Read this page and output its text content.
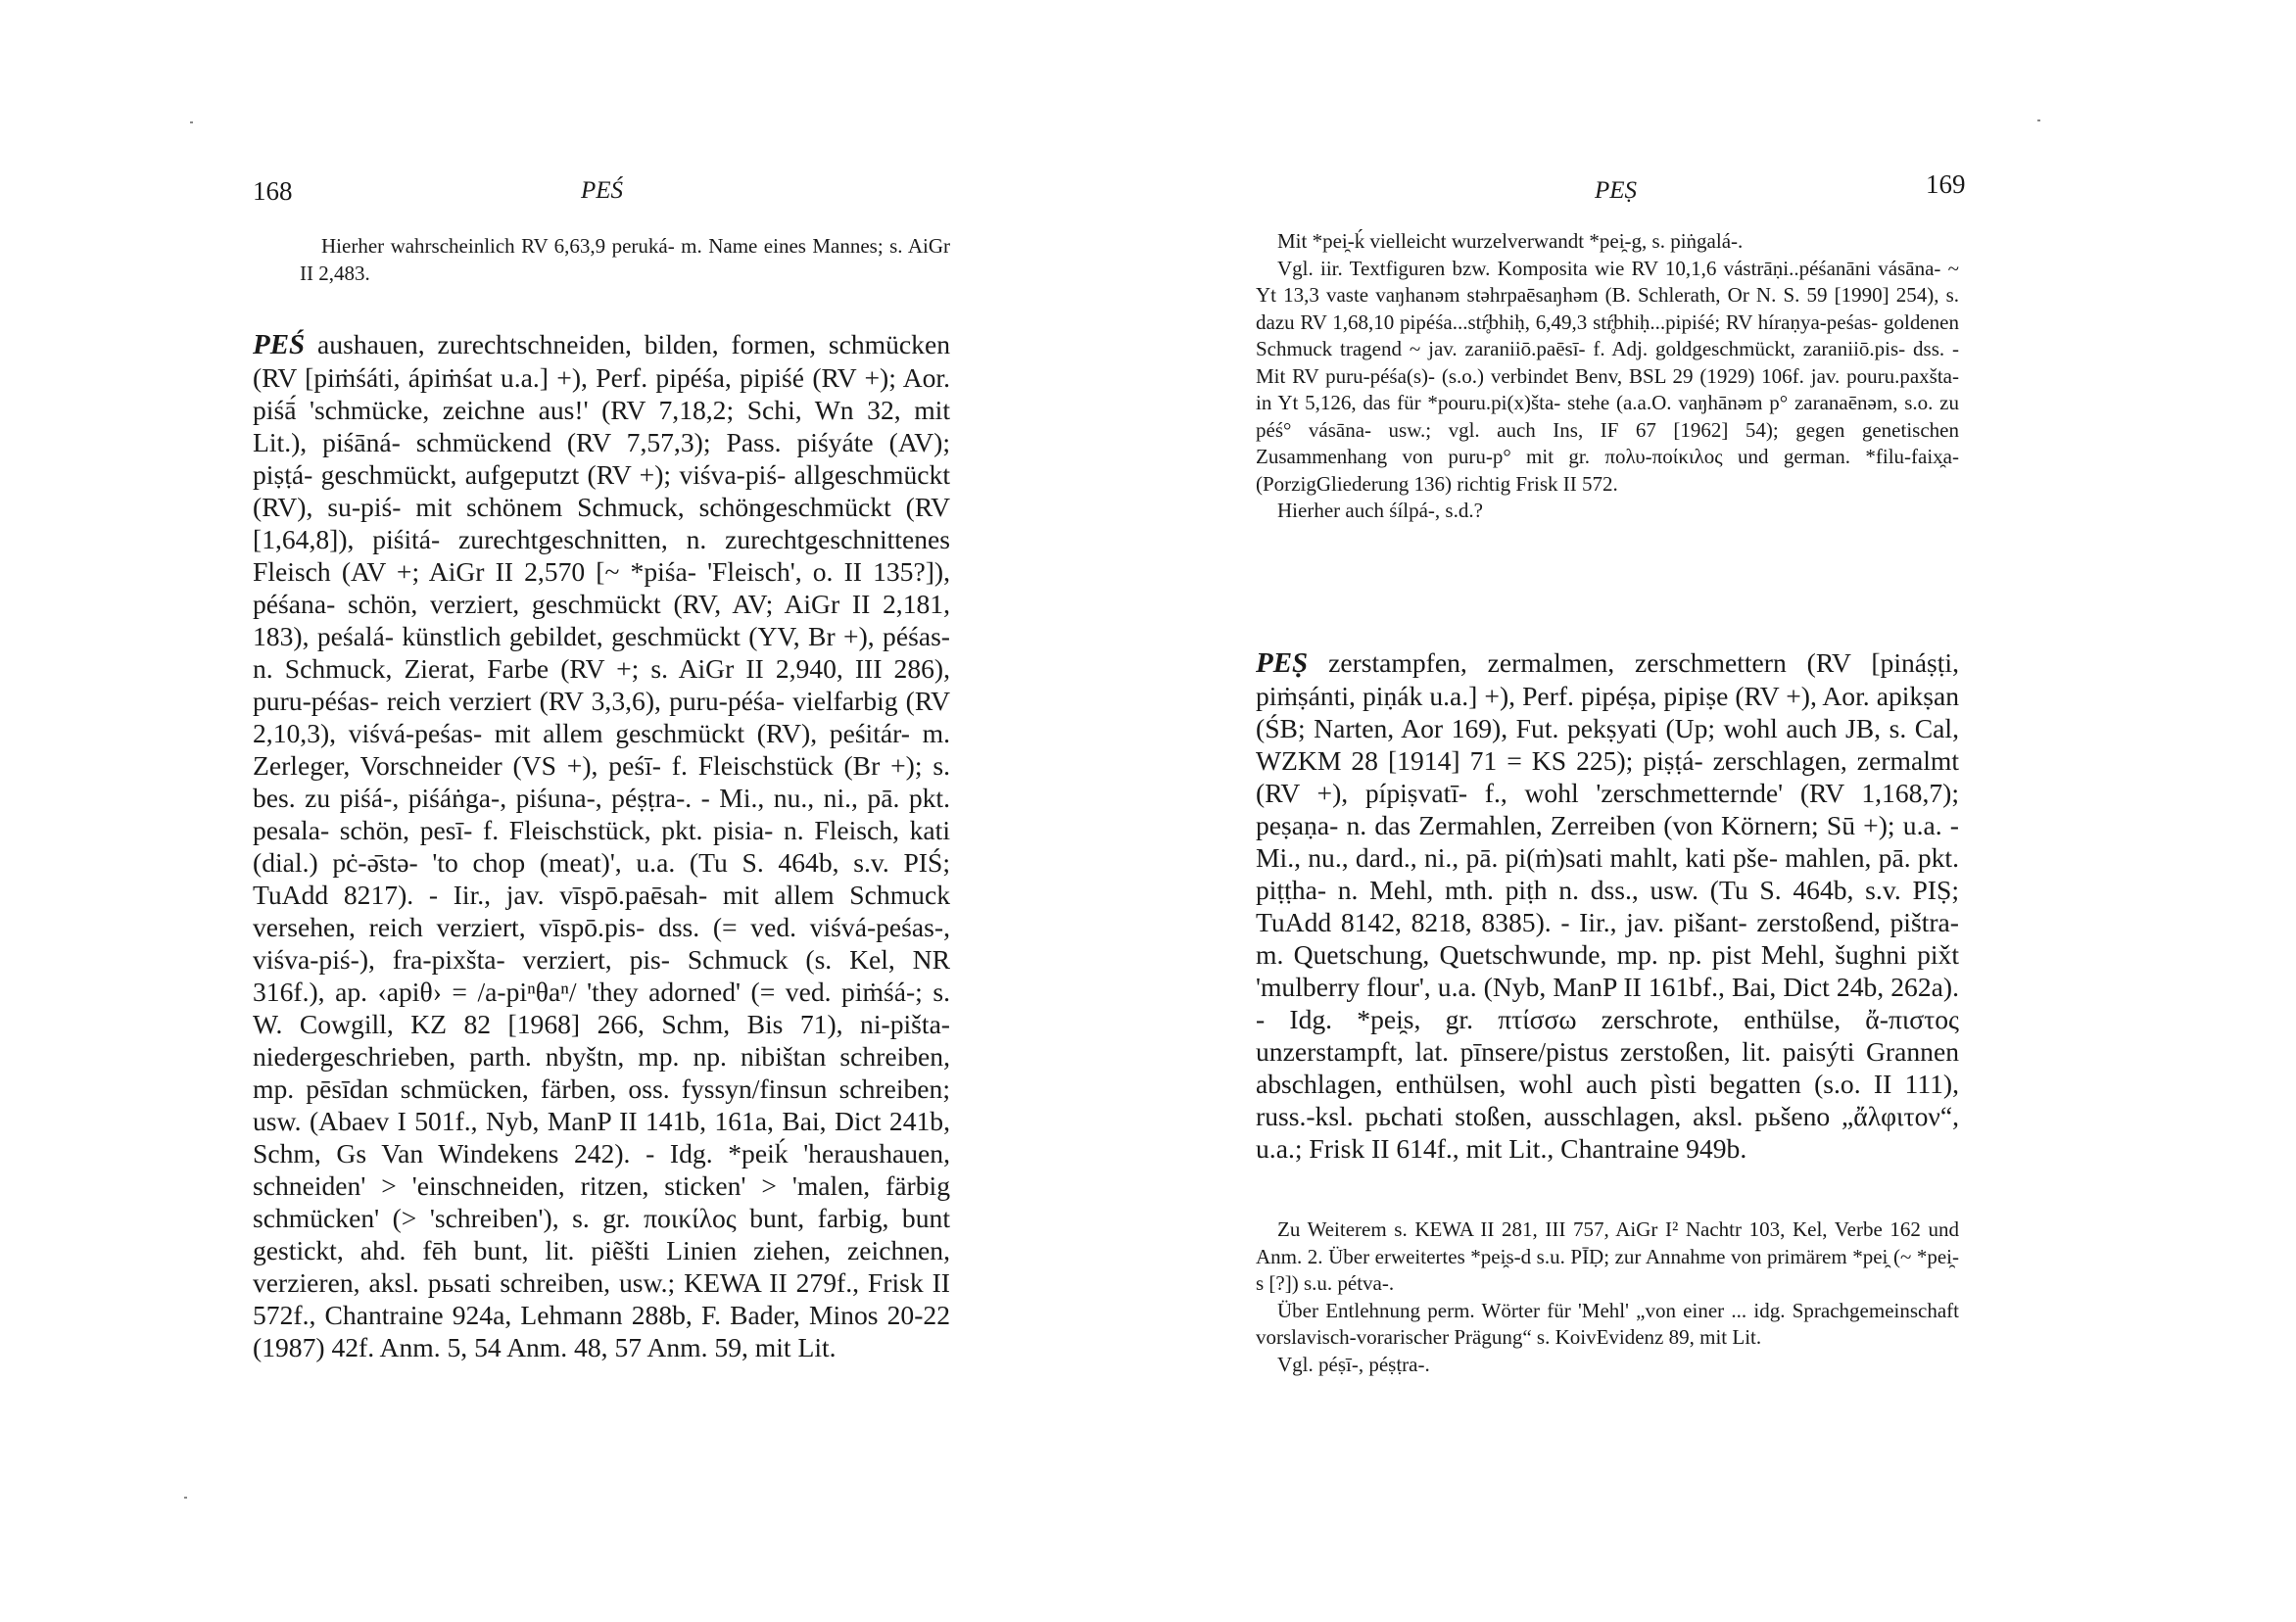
168	PEŚ

Hierher wahrscheinlich RV 6,63,9 peruká- m. Name eines Mannes; s. AiGr II 2,483.

PEŚ aushauen, zurechtschneiden, bilden, formen, schmücken (RV [piṁśáti, ápiṁśat u.a.] +), Perf. pipéśa, pipiśé (RV +); Aor. piśā́ 'schmücke, zeichne aus!' (RV 7,18,2; Schi, Wn 32, mit Lit.), piśāná- schmückend (RV 7,57,3); Pass. piśyáte (AV); piṣṭá- geschmückt, aufgeputzt (RV +); viśva-piś- allgeschmückt (RV), su-piś- mit schönem Schmuck, schöngeschmückt (RV [1,64,8]), piśitá- zurechtgeschnitten, n. zurechtgeschnittenes Fleisch (AV +; AiGr II 2,570 [~ *piśa- 'Fleisch', o. II 135?]), péśana- schön, verziert, geschmückt (RV, AV; AiGr II 2,181, 183), peśalá- künstlich gebildet, geschmückt (YV, Br +), péśas- n. Schmuck, Zierat, Farbe (RV +; s. AiGr II 2,940, III 286), puru-péśas- reich verziert (RV 3,3,6), puru-péśa- vielfarbig (RV 2,10,3), viśvá-peśas- mit allem geschmückt (RV), peśitár- m. Zerleger, Vorschneider (VS +), peśī- f. Fleischstück (Br +); s. bes. zu piśá-, piśáṅga-, piśuna-, péṣṭra-. - Mi., nu., ni., pā. pkt. pesala- schön, pesī- f. Fleischstück, pkt. pisia- n. Fleisch, kati (dial.) pċ-ə̄stə- 'to chop (meat)', u.a. (Tu S. 464b, s.v. PIŚ; TuAdd 8217). - Iir., jav. vīspō.paēsah- mit allem Schmuck versehen, reich verziert, vīspō.pis- dss. (= ved. viśvá-peśas-, viśva-piś-), fra-pixšta- verziert, pis- Schmuck (s. Kel, NR 316f.), ap. ‹apiθ› = /a-piⁿθaⁿ/ 'they adorned' (= ved. piṁśá-; s. W. Cowgill, KZ 82 [1968] 266, Schm, Bis 71), ni-pišta- niedergeschrieben, parth. nbyštn, mp. np. nibištan schreiben, mp. pēsīdan schmücken, färben, oss. fyssyn/finsun schreiben; usw. (Abaev I 501f., Nyb, ManP II 141b, 161a, Bai, Dict 241b, Schm, Gs Van Windekens 242). - Idg. *peiḱ 'heraushauen, schneiden' > 'einschneiden, ritzen, sticken' > 'malen, färbig schmücken' (> 'schreiben'), s. gr. ποικίλος bunt, farbig, bunt gestickt, ahd. fēh bunt, lit. piẽšti Linien ziehen, zeichnen, verzieren, aksl. pьsati schreiben, usw.; KEWA II 279f., Frisk II 572f., Chantraine 924a, Lehmann 288b, F. Bader, Minos 20-22 (1987) 42f. Anm. 5, 54 Anm. 48, 57 Anm. 59, mit Lit.

PEṢ	169

Mit *pei̯-ḱ vielleicht wurzelverwandt *pei̯-g, s. piṅgalá-.

Vgl. iir. Textfiguren bzw. Komposita wie RV 10,1,6 vástrāṇi..péśanāni vásāna- ~ Yt 13,3 vaste vaŋhanəm stəhrpaēsaŋhəm (B. Schlerath, Or N. S. 59 [1990] 254), s. dazu RV 1,68,10 pipéśa...stŕ̥bhiḥ, 6,49,3 stŕ̥bhiḥ...pipiśé; RV híraṇya-peśas- goldenen Schmuck tragend ~ jav. zaraniiō.paēsī- f. Adj. goldgeschmückt, zaraniiō.pis- dss. - Mit RV puru-péśa(s)- (s.o.) verbindet Benv, BSL 29 (1929) 106f. jav. pouru.paxšta- in Yt 5,126, das für *pouru.pi(x)šta- stehe (a.a.O. vaŋhānəm p° zaranaēnəm, s.o. zu péś° vásāna- usw.; vgl. auch Ins, IF 67 [1962] 54); gegen genetischen Zusammenhang von puru-p° mit gr. πολυ-ποίκιλος und german. *filu-faix̯a- (PorzigGliederung 136) richtig Frisk II 572.

Hierher auch śílpá-, s.d.?

PEṢ zerstampfen, zermalmen, zerschmettern (RV [pináṣṭi, piṁṣánti, piṇák u.a.] +), Perf. pipéṣa, pipiṣe (RV +), Aor. apikṣan (ŚB; Narten, Aor 169), Fut. pekṣyati (Up; wohl auch JB, s. Cal, WZKM 28 [1914] 71 = KS 225); piṣṭá- zerschlagen, zermalmt (RV +), pípiṣvatī- f., wohl 'zerschmetternde' (RV 1,168,7); peṣaṇa- n. das Zermahlen, Zerreiben (von Körnern; Sū +); u.a. - Mi., nu., dard., ni., pā. pi(ṁ)sati mahlt, kati pše- mahlen, pā. pkt. piṭṭha- n. Mehl, mth. piṭh n. dss., usw. (Tu S. 464b, s.v. PIṢ; TuAdd 8142, 8218, 8385). - Iir., jav. pišant- zerstoßend, pištra- m. Quetschung, Quetschwunde, mp. np. pist Mehl, šughni pix̌t 'mulberry flour', u.a. (Nyb, ManP II 161bf., Bai, Dict 24b, 262a). - Idg. *pei̯s, gr. πτίσσω zerschrote, enthülse, ἄ-πιστος unzerstampft, lat. pīnsere/pistus zerstoßen, lit. paisýti Grannen abschlagen, enthülsen, wohl auch pìsti begatten (s.o. II 111), russ.-ksl. pьchati stoßen, ausschlagen, aksl. pьšeno „ἄλφιτον“, u.a.; Frisk II 614f., mit Lit., Chantraine 949b.

Zu Weiterem s. KEWA II 281, III 757, AiGr I² Nachtr 103, Kel, Verbe 162 und Anm. 2. Über erweitertes *pei̯s-d s.u. PĪḌ; zur Annahme von primärem *pei̯ (~ *pei̯-s [?]) s.u. pétva-.

Über Entlehnung perm. Wörter für 'Mehl' „von einer ... idg. Sprachgemeinschaft vorslavisch-vorarischer Prägung“ s. KoivEvidenz 89, mit Lit.

Vgl. péṣī-, péṣṭra-.
